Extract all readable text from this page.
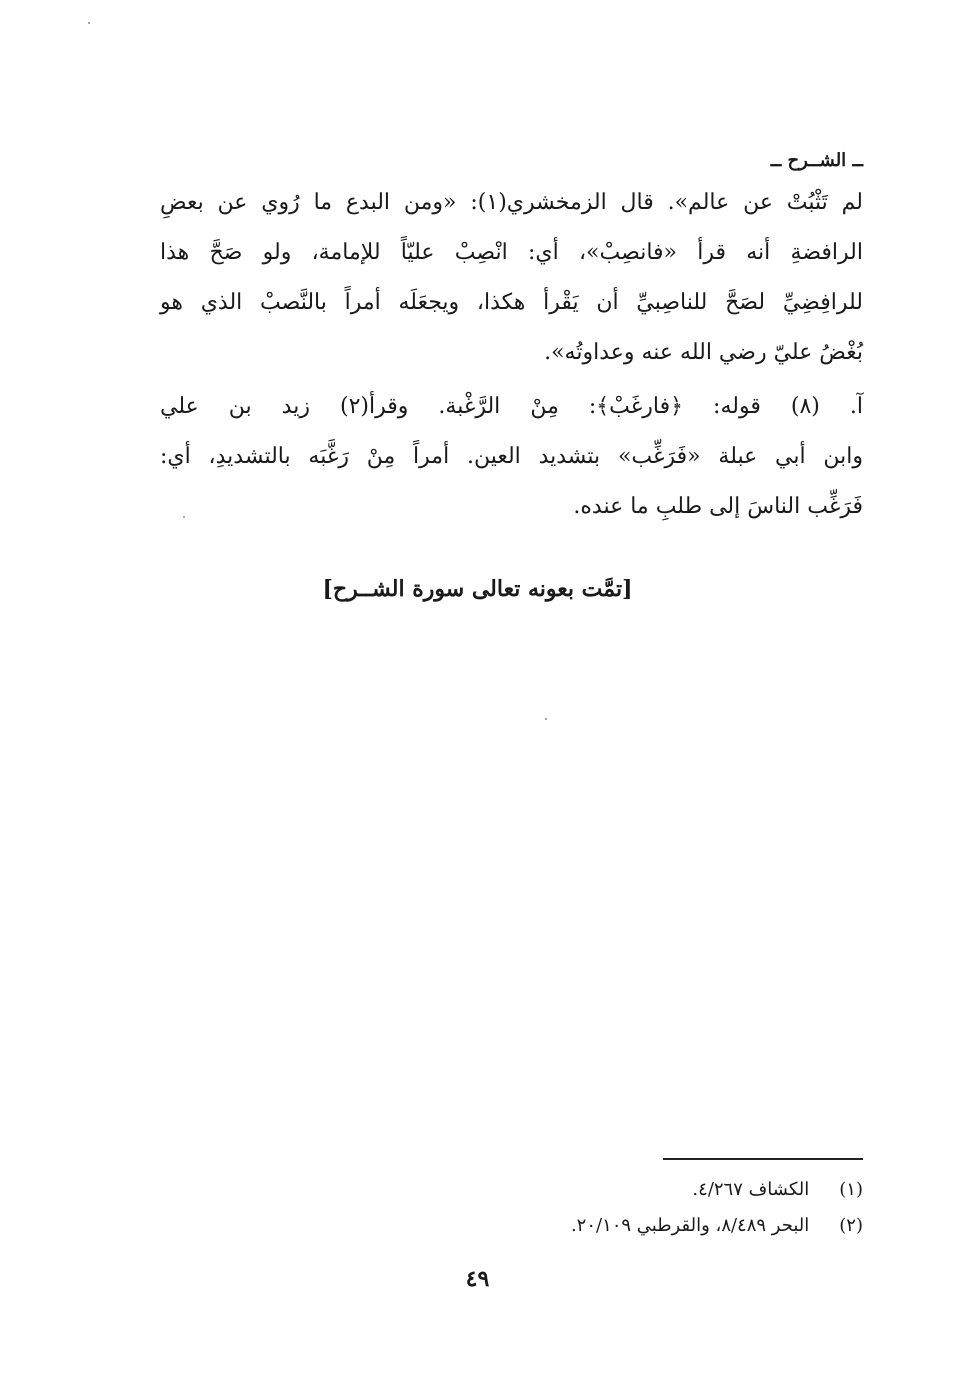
ــ الشــرح ــ
لم تَثْبُتْ عن عالم». قال الزمخشري(١): «ومن البدع ما رُوي عن بعضِ
الرافضةِ أنه قرأ «فانصِبْ»، أي: انْصِبْ عليّاً للإمامة، ولو صَحَّ هذا
للرافِضِيِّ لصَحَّ للناصِبيِّ أن يَقْرأ هكذا، ويجعَلَه أمراً بالنَّصبْ الذي هو
بُغْضُ عليّ رضي الله عنه وعداوتُه».
آ. (٨) قوله: ﴿فارغَبْ﴾: مِنْ الرَّغْبة. وقرأ(٢) زيد بن علي
وابن أبي عبلة «فَرَغِّب» بتشديد العين. أمراً مِنْ رَغَّبَه بالتشديدِ، أي:
فَرَغِّب الناسَ إلى طلبِ ما عنده.
[تمَّت بعونه تعالى سورة الشــرح]
(١) الكشاف ٤/٢٦٧.
(٢) البحر ٨/٤٨٩، والقرطبي ٢٠/١٠٩.
٤٩
